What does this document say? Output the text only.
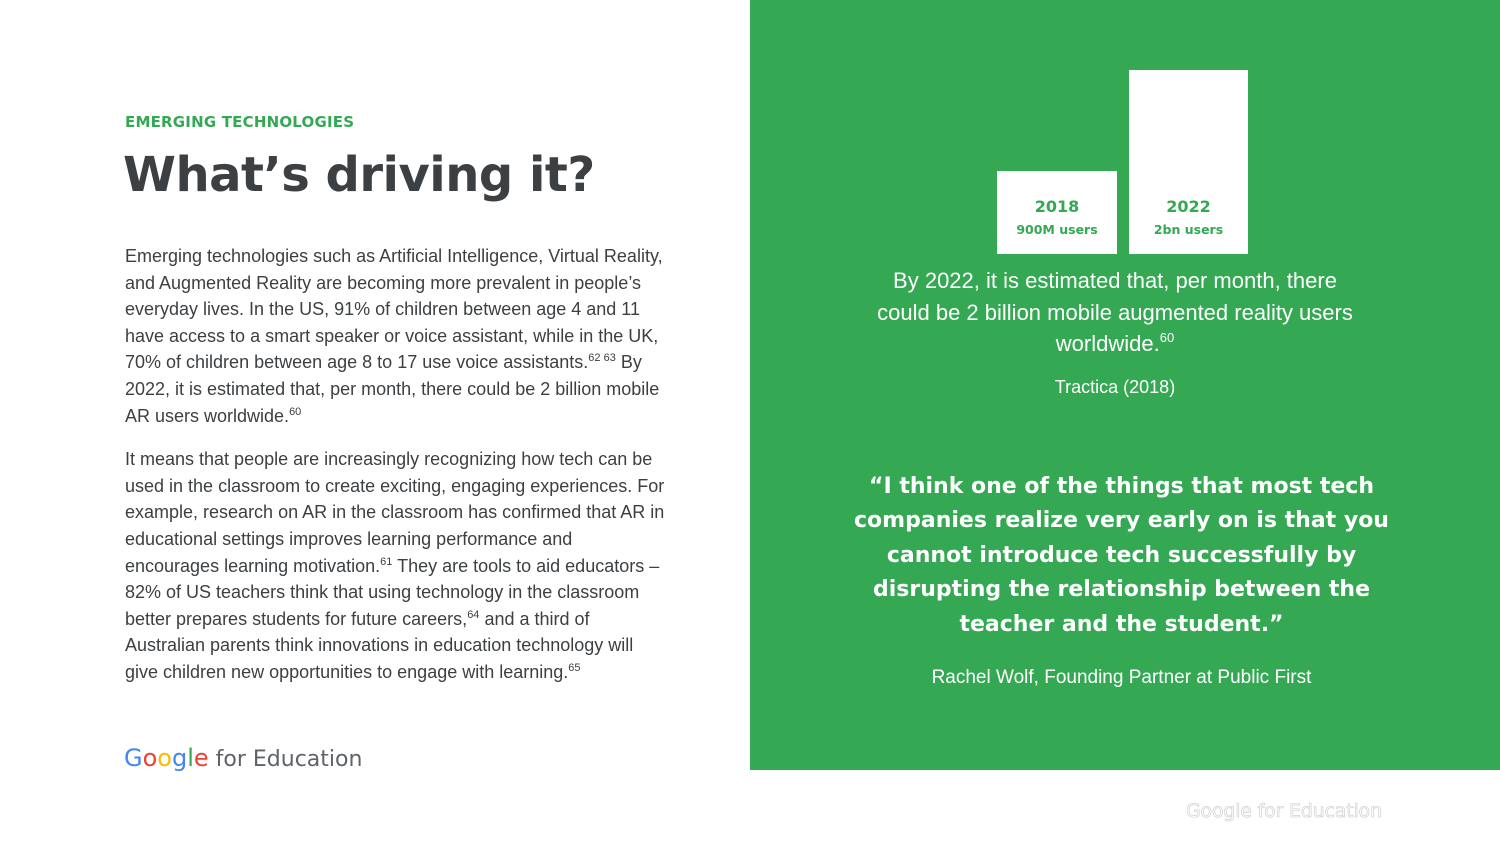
EMERGING TECHNOLOGIES
What’s driving it?

Emerging technologies such as Artificial Intelligence, Virtual Reality, and Augmented Reality are becoming more prevalent in people’s everyday lives. In the US, 91% of children between age 4 and 11 have access to a smart speaker or voice assistant, while in the UK, 70% of children between age 8 to 17 use voice assistants.$^{62 63}$ By 2022, it is estimated that, per month, there could be 2 billion mobile AR users worldwide.$^{60}$

It means that people are increasingly recognizing how tech can be used in the classroom to create exciting, engaging experiences. For example, research on AR in the classroom has confirmed that AR in educational settings improves learning performance and encourages learning motivation.$^{61}$ They are tools to aid educators – 82% of US teachers think that using technology in the classroom better prepares students for future careers,$^{64}$ and a third of Australian parents think innovations in education technology will give children new opportunities to engage with learning.$^{65}$

Google for Education
2018
900M users
2022
2bn users
By 2022, it is estimated that, per month, there could be 2 billion mobile augmented reality users worldwide.$^{60}$
Tractica (2018)
“I think one of the things that most tech companies realize very early on is that you cannot introduce tech successfully by disrupting the relationship between the teacher and the student.”
Rachel Wolf, Founding Partner at Public First
Google for Education
